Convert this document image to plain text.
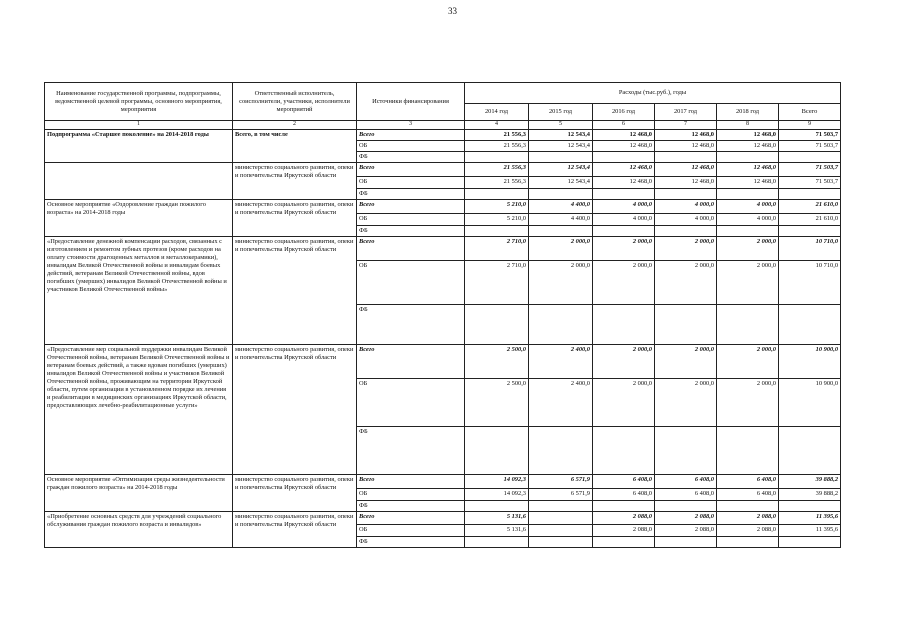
33
Наименование государственной программы, подпрограммы, ведомственной целевой программы, основного мероприятия, мероприятия	Ответственный исполнитель, соисполнители, участники, исполнители мероприятий	Источники финансирования	Расходы (тыс.руб.), годы					
			2014 год	2015 год	2016 год	2017 год	2018 год	Всего
1	2	3	4	5	6	7	8	9
Подпрограмма «Старшее поколение» на 2014-2018 годы	Всего, в том числе	Всего	21 556,3	12 543,4	12 468,0	12 468,0	12 468,0	71 503,7
		ОБ	21 556,3	12 543,4	12 468,0	12 468,0	12 468,0	71 503,7
		ФБ						
	министерство социального развития, опеки и попечительства Иркутской области	Всего	21 556,3	12 543,4	12 468,0	12 468,0	12 468,0	71 503,7
		ОБ	21 556,3	12 543,4	12 468,0	12 468,0	12 468,0	71 503,7
		ФБ						
Основное мероприятие «Оздоровление граждан пожилого возраста» на 2014-2018 годы	министерство социального развития, опеки и попечительства Иркутской области	Всего	5 210,0	4 400,0	4 000,0	4 000,0	4 000,0	21 610,0
		ОБ	5 210,0	4 400,0	4 000,0	4 000,0	4 000,0	21 610,0
		ФБ						
«Предоставление денежной компенсации расходов, связанных с изготовлением и ремонтом зубных протезов (кроме расходов на оплату стоимости драгоценных металлов и металлокерамики), инвалидам Великой Отечественной войны и инвалидам боевых действий, ветеранам Великой Отечественной войны, вдов погибших (умерших) инвалидов Великой Отечественной войны и участников Великой Отечественной войны»	министерство социального развития, опеки и попечительства Иркутской области	Всего	2 710,0	2 000,0	2 000,0	2 000,0	2 000,0	10 710,0
		ОБ	2 710,0	2 000,0	2 000,0	2 000,0	2 000,0	10 710,0
		ФБ						
«Предоставление мер социальной поддержки инвалидам Великой Отечественной войны, ветеранам Великой Отечественной войны и ветеранам боевых действий, а также вдовам погибших (умерших) инвалидов Великой Отечественной войны и участников Великой Отечественной войны, проживающим на территории Иркутской области, путем организации в установленном порядке их лечения и реабилитации в медицинских организациях Иркутской области, предоставляющих лечебно-реабилитационные услуги»	министерство социального развития, опеки и попечительства Иркутской области	Всего	2 500,0	2 400,0	2 000,0	2 000,0	2 000,0	10 900,0
		ОБ	2 500,0	2 400,0	2 000,0	2 000,0	2 000,0	10 900,0
		ФБ						
Основное мероприятие «Оптимизация среды жизнедеятельности граждан пожилого возраста» на 2014-2018 годы	министерство социального развития, опеки и попечительства Иркутской области	Всего	14 092,3	6 571,9	6 408,0	6 408,0	6 408,0	39 888,2
		ОБ	14 092,3	6 571,9	6 408,0	6 408,0	6 408,0	39 888,2
		ФБ						
«Приобретение основных средств для учреждений социального обслуживания граждан пожилого возраста и инвалидов»	министерство социального развития, опеки и попечительства Иркутской области	Всего	5 131,6		2 088,0	2 088,0	2 088,0	11 395,6
		ОБ	5 131,6		2 088,0	2 088,0	2 088,0	11 395,6
		ФБ						
